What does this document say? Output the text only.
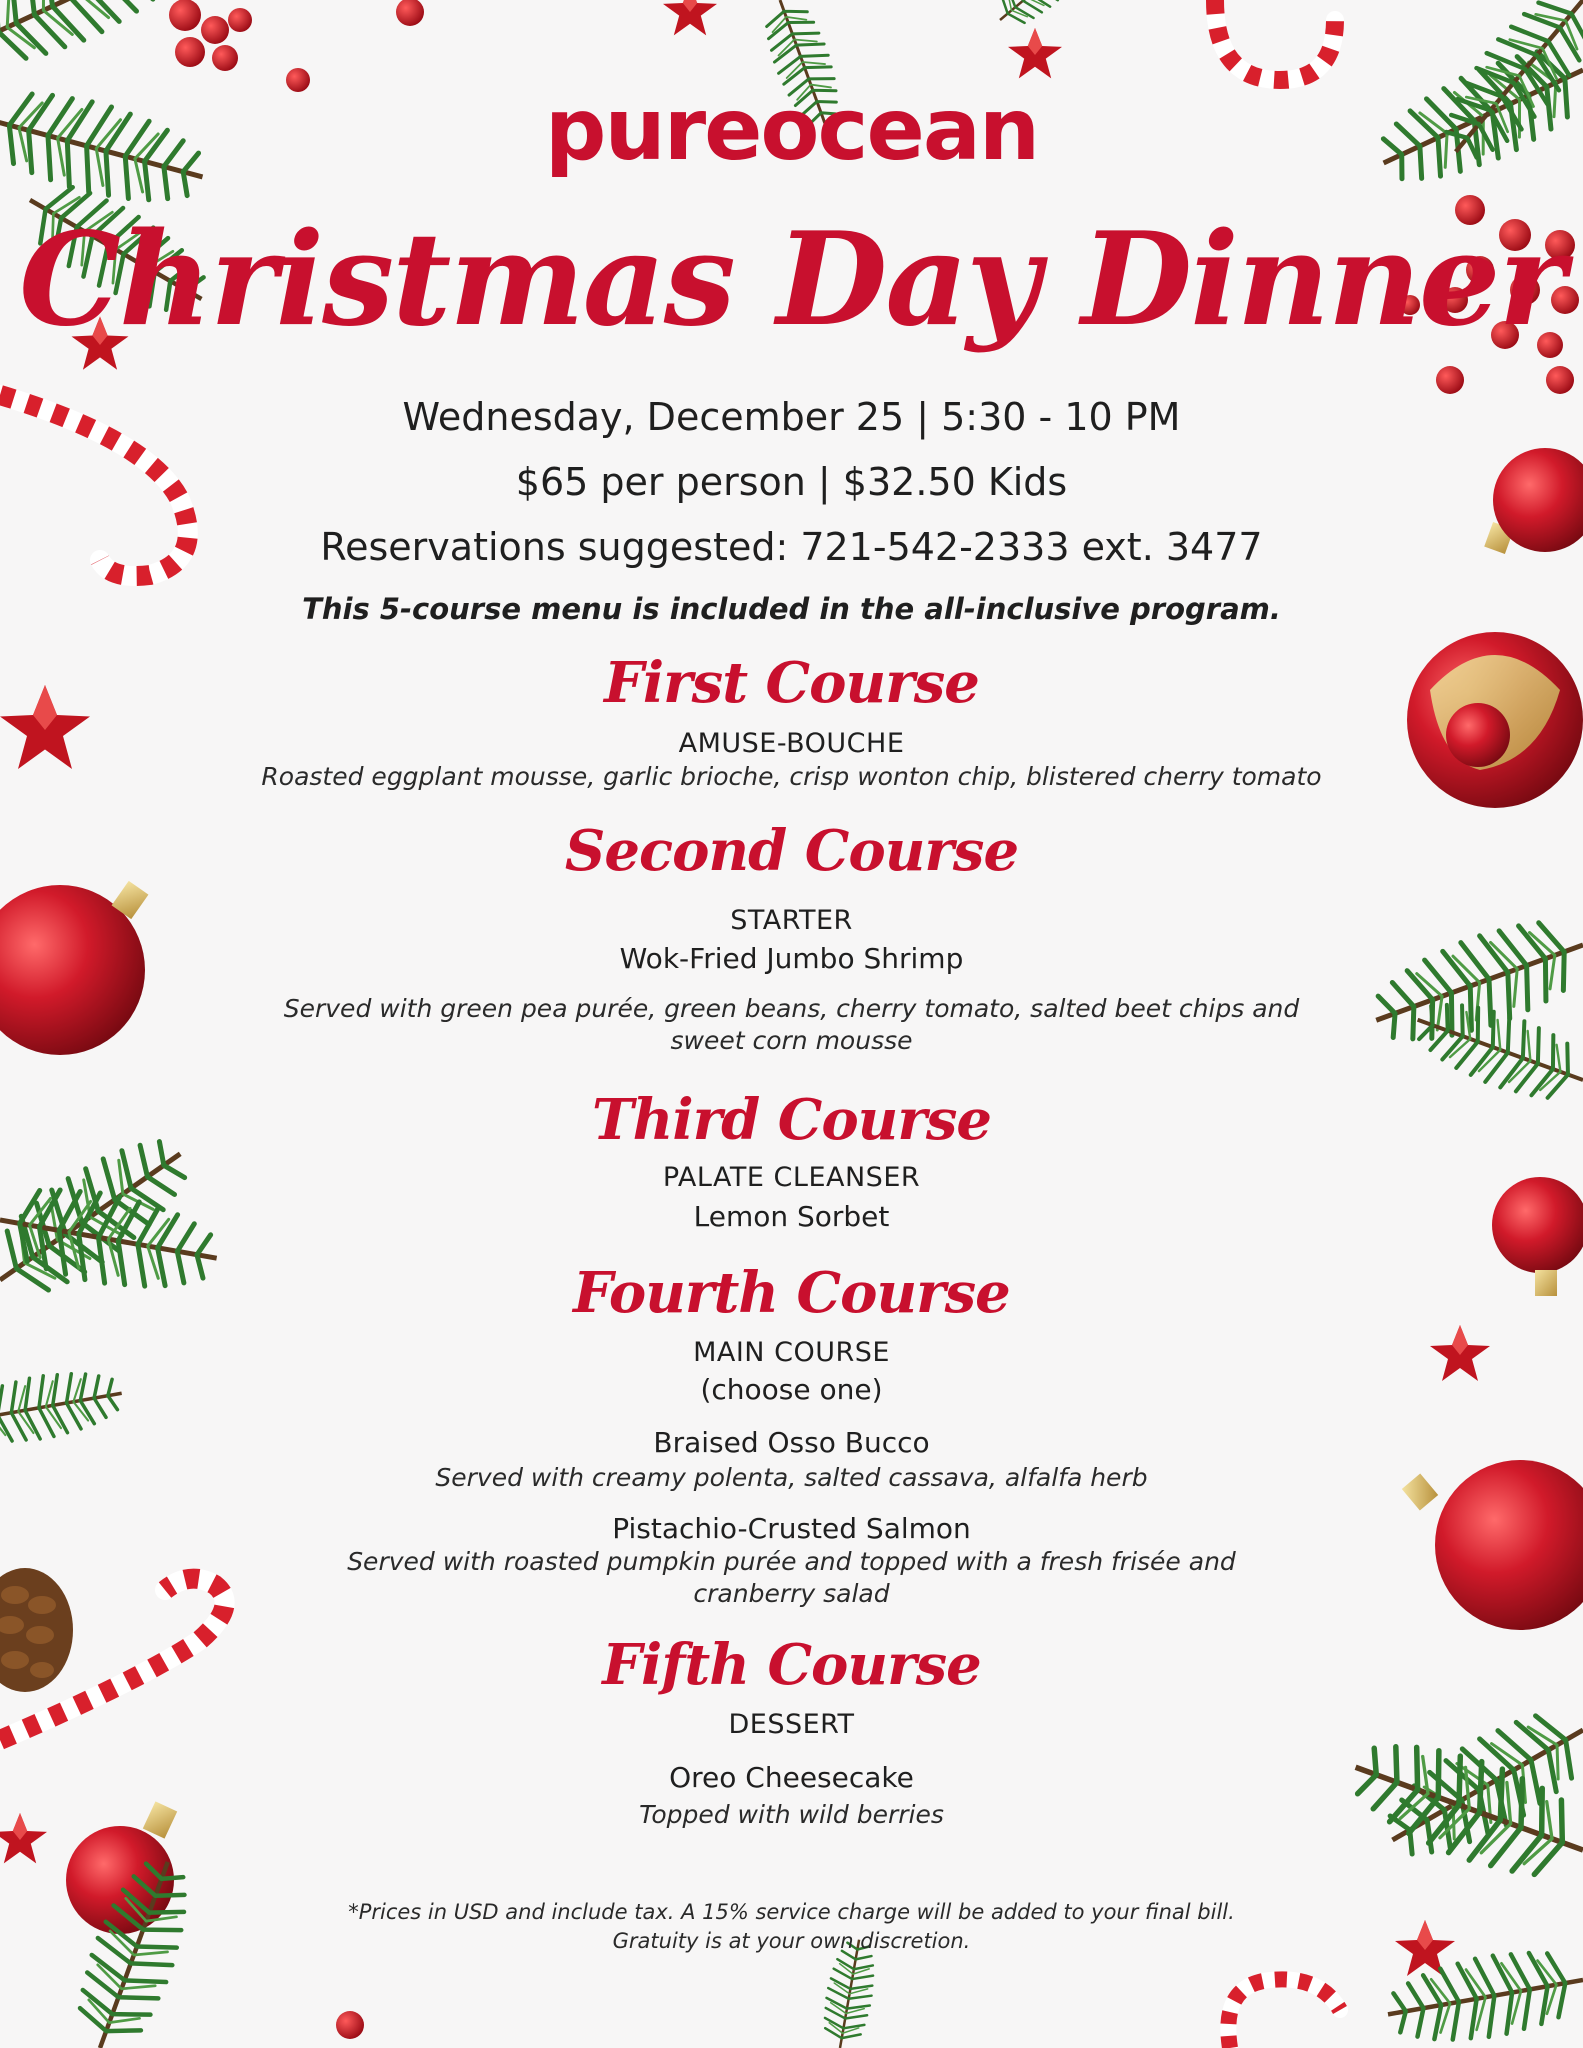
pureocean
Christmas Day Dinner
Wednesday, December 25 | 5:30 - 10 PM
$65 per person | $32.50 Kids
Reservations suggested: 721-542-2333 ext. 3477
This 5-course menu is included in the all-inclusive program.
First Course
AMUSE-BOUCHE
Roasted eggplant mousse, garlic brioche, crisp wonton chip, blistered cherry tomato
Second Course
STARTER
Wok-Fried Jumbo Shrimp
Served with green pea purée, green beans, cherry tomato, salted beet chips and
sweet corn mousse
Third Course
PALATE CLEANSER
Lemon Sorbet
Fourth Course
MAIN COURSE
(choose one)
Braised Osso Bucco
Served with creamy polenta, salted cassava, alfalfa herb
Pistachio-Crusted Salmon
Served with roasted pumpkin purée and topped with a fresh frisée and
cranberry salad
Fifth Course
DESSERT
Oreo Cheesecake
Topped with wild berries
*Prices in USD and include tax. A 15% service charge will be added to your final bill.
Gratuity is at your own discretion.
